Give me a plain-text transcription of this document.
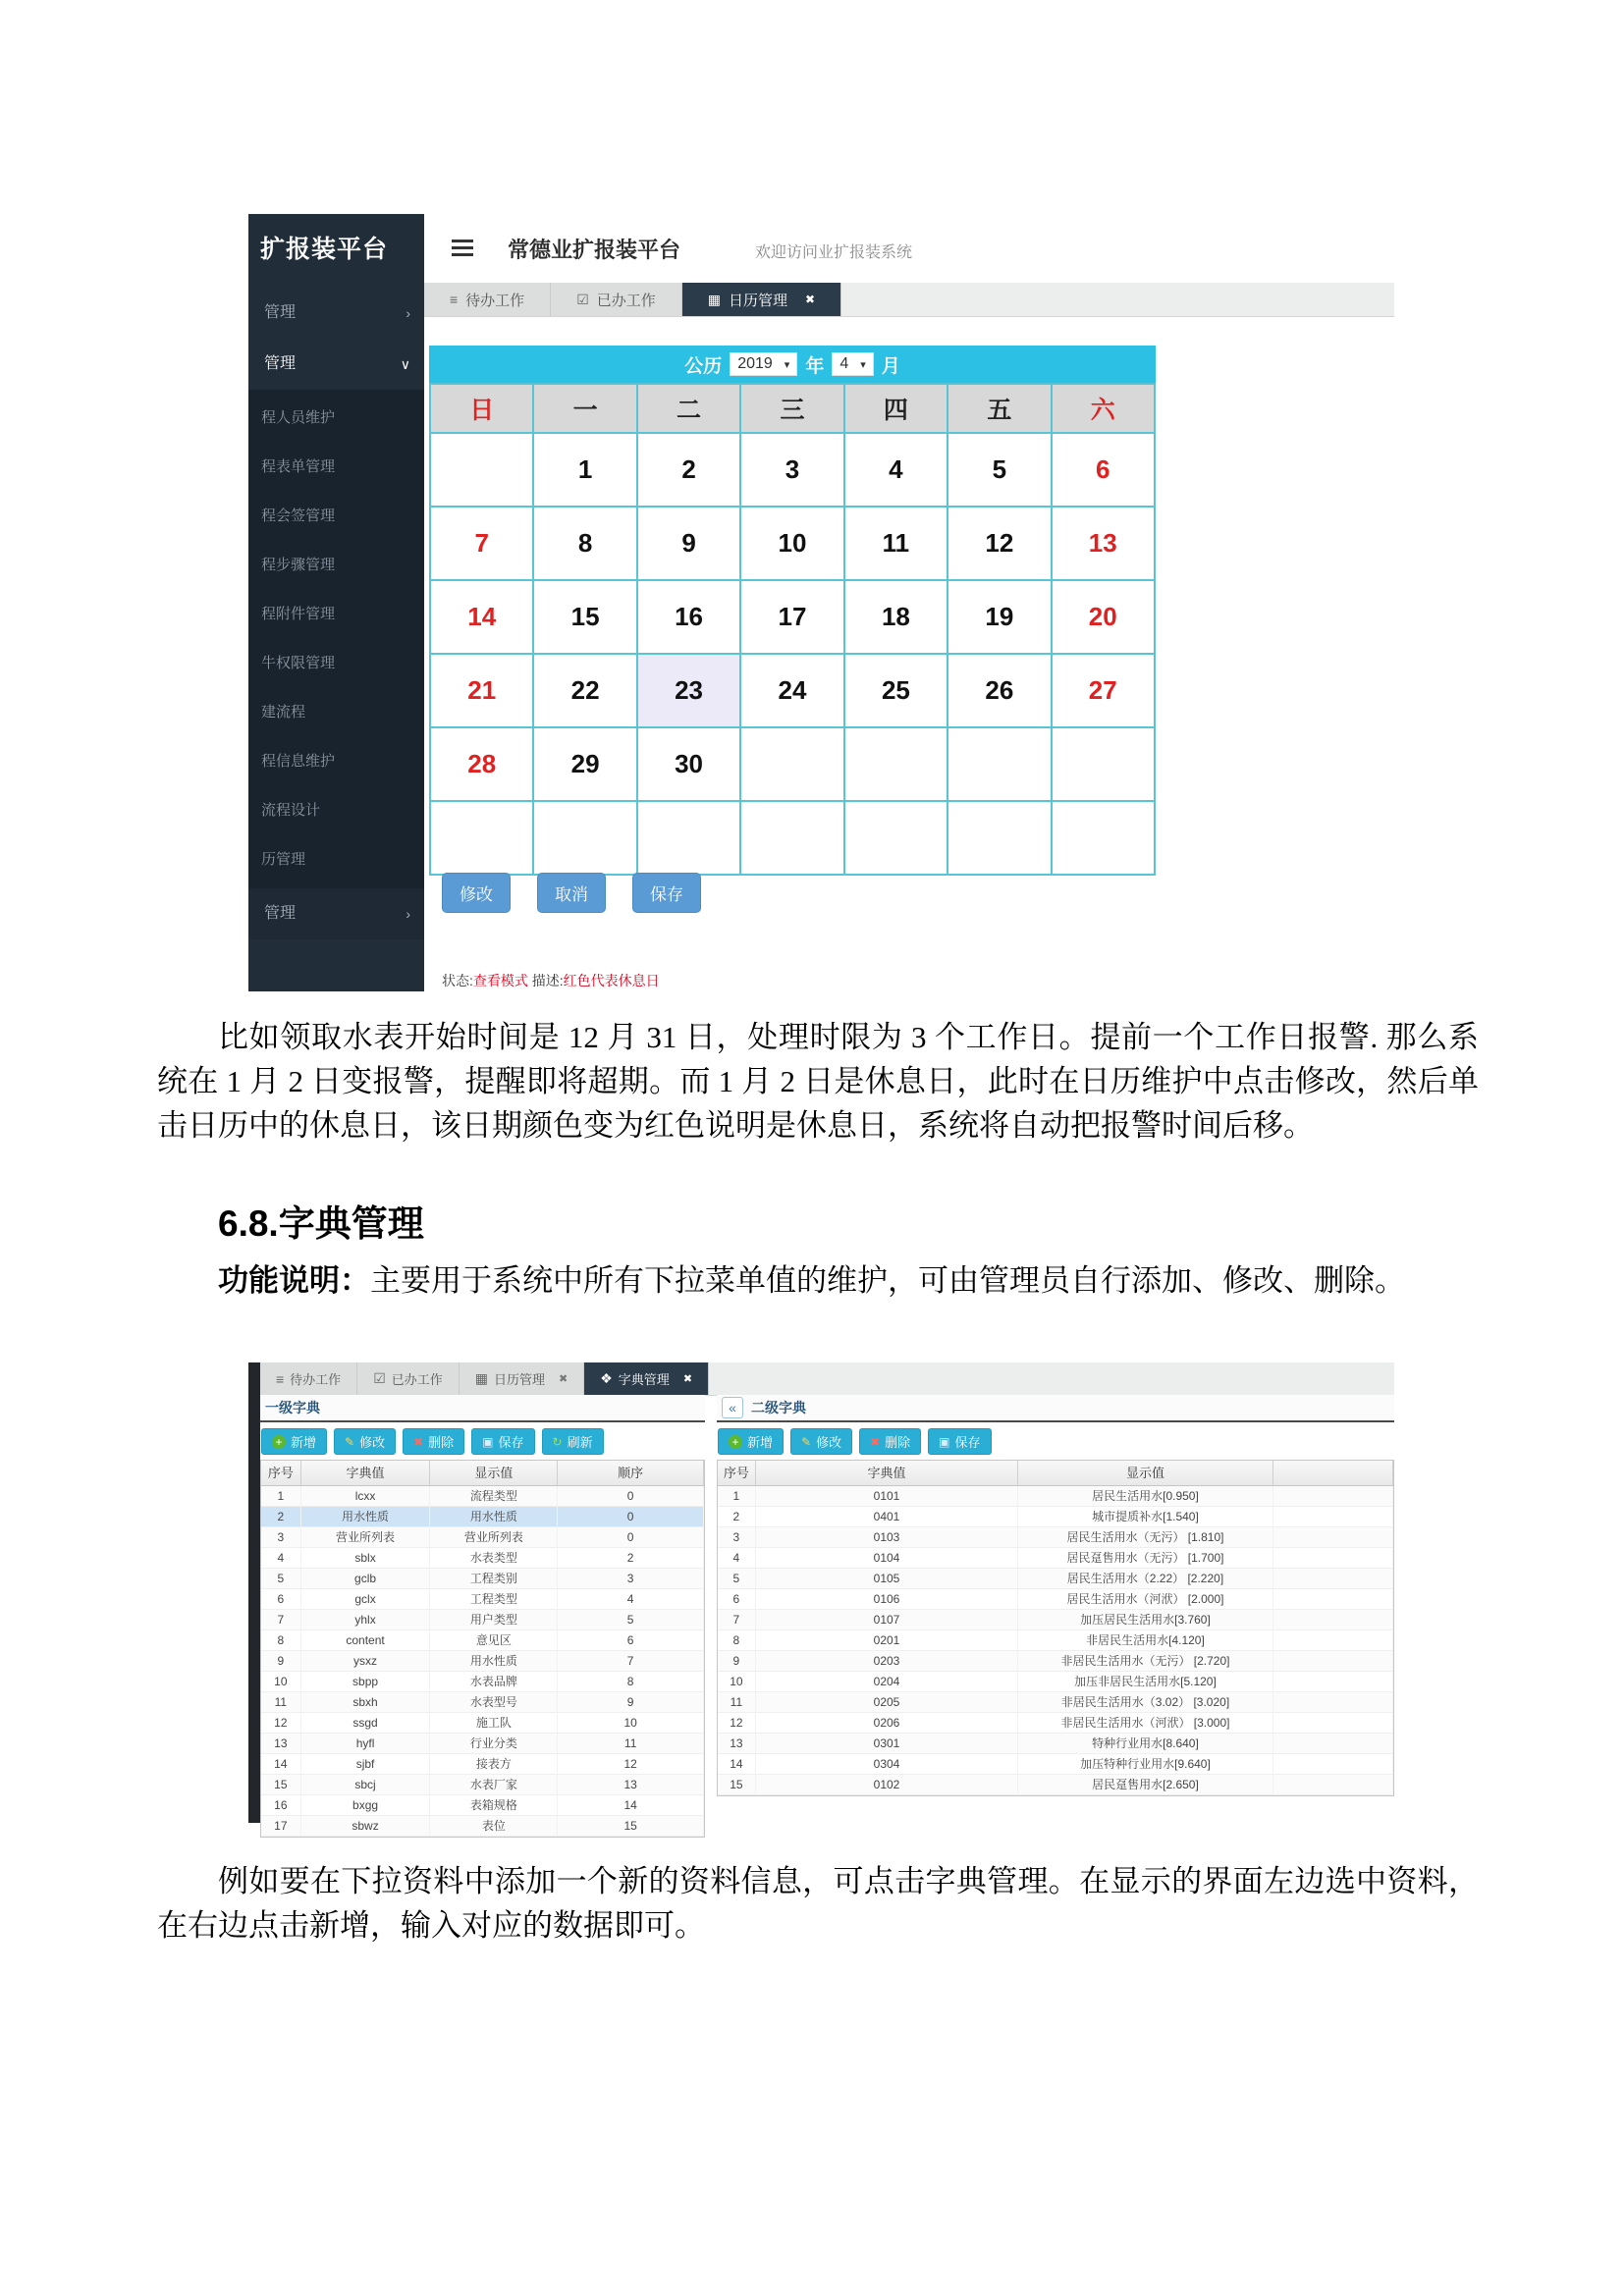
扩报装平台
管理	›
管理	∨
程人员维护
程表单管理
程会签管理
程步骤管理
程附件管理
牛权限管理
建流程
程信息维护
流程设计
历管理
管理	›
常德业扩报装平台	欢迎访问业扩报装系统
≡ 待办工作	☑ 已办工作	▦ 日历管理 ✖
公历 2019 ▾ 年 4 ▾ 月
日	一	二	三	四	五	六
	1	2	3	4	5	6
7	8	9	10	11	12	13
14	15	16	17	18	19	20
21	22	23	24	25	26	27
28	29	30				

修改	取消	保存
状态:查看模式 描述:红色代表休息日

比如领取水表开始时间是 12 月 31 日，处理时限为 3 个工作日。提前一个工作日报警. 那么系统在 1 月 2 日变报警，提醒即将超期。而 1 月 2 日是休息日，此时在日历维护中点击修改，然后单击日历中的休息日，该日期颜色变为红色说明是休息日，系统将自动把报警时间后移。

6.8.字典管理

功能说明：主要用于系统中所有下拉菜单值的维护，可由管理员自行添加、修改、删除。

≡ 待办工作 ☑ 已办工作 ▦ 日历管理 ✖ ❖ 字典管理 ✖
一级字典
+ 新增 ✎ 修改 ✖ 删除 ▣ 保存 ↻ 刷新
序号	字典值	显示值	顺序
1	lcxx	流程类型	0
2	用水性质	用水性质	0
3	营业所列表	营业所列表	0
4	sblx	水表类型	2
5	gclb	工程类别	3
6	gclx	工程类型	4
7	yhlx	用户类型	5
8	content	意见区	6
9	ysxz	用水性质	7
10	sbpp	水表品牌	8
11	sbxh	水表型号	9
12	ssgd	施工队	10
13	hyfl	行业分类	11
14	sjbf	接表方	12
15	sbcj	水表厂家	13
16	bxgg	表箱规格	14
17	sbwz	表位	15
«	二级字典
+ 新增 ✎ 修改 ✖ 删除 ▣ 保存
序号	字典值	显示值
1	0101	居民生活用水[0.950]
2	0401	城市提质补水[1.540]
3	0103	居民生活用水（无污） [1.810]
4	0104	居民趸售用水（无污） [1.700]
5	0105	居民生活用水（2.22） [2.220]
6	0106	居民生活用水（河洑） [2.000]
7	0107	加压居民生活用水[3.760]
8	0201	非居民生活用水[4.120]
9	0203	非居民生活用水（无污） [2.720]
10	0204	加压非居民生活用水[5.120]
11	0205	非居民生活用水（3.02） [3.020]
12	0206	非居民生活用水（河洑） [3.000]
13	0301	特种行业用水[8.640]
14	0304	加压特种行业用水[9.640]
15	0102	居民趸售用水[2.650]

例如要在下拉资料中添加一个新的资料信息，可点击字典管理。在显示的界面左边选中资料，在右边点击新增，输入对应的数据即可。
